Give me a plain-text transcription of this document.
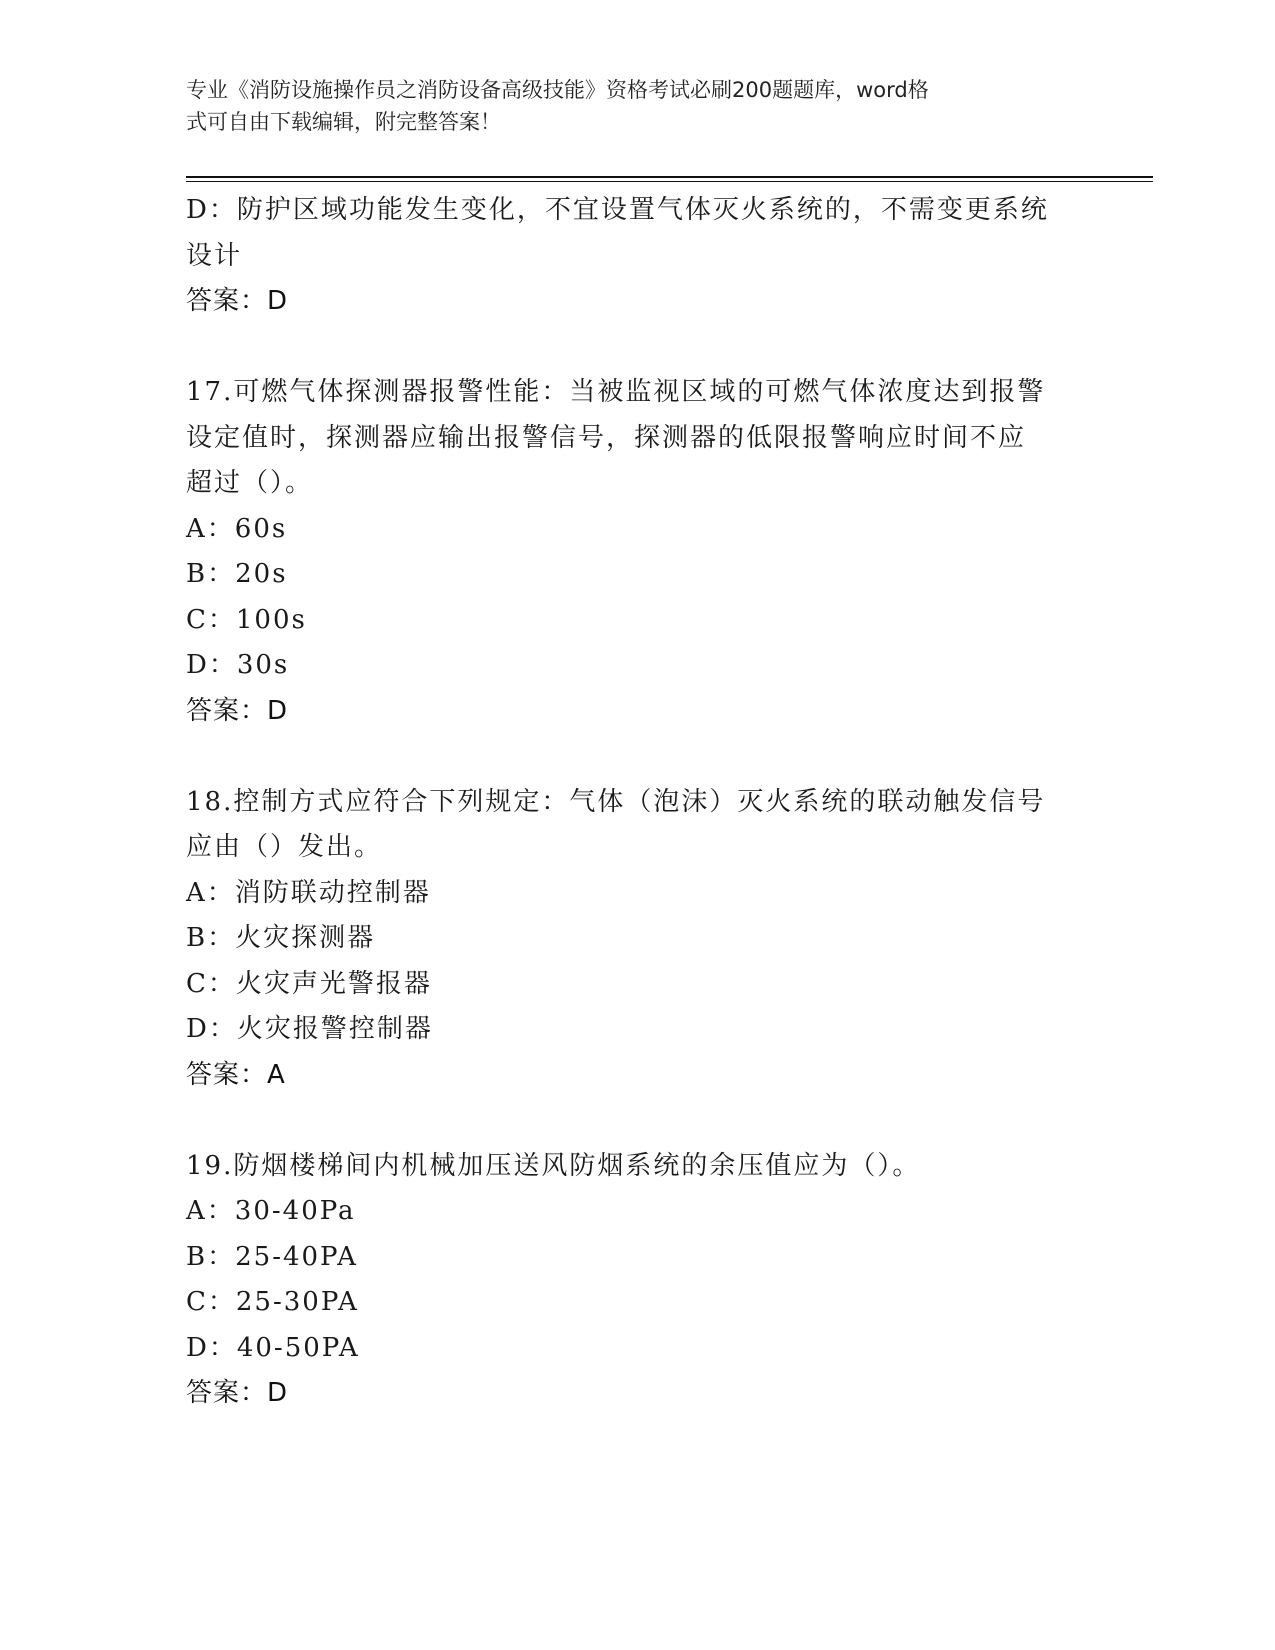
专业《消防设施操作员之消防设备高级技能》资格考试必刷200题题库，word格
式可自由下载编辑，附完整答案！
D：防护区域功能发生变化，不宜设置气体灭火系统的，不需变更系统
设计
答案：D
17.可燃气体探测器报警性能：当被监视区域的可燃气体浓度达到报警
设定值时，探测器应输出报警信号，探测器的低限报警响应时间不应
超过（）。
A：60s
B：20s
C：100s
D：30s
答案：D
18.控制方式应符合下列规定：气体（泡沫）灭火系统的联动触发信号
应由（）发出。
A：消防联动控制器
B：火灾探测器
C：火灾声光警报器
D：火灾报警控制器
答案：A
19.防烟楼梯间内机械加压送风防烟系统的余压值应为（）。
A：30-40Pa
B：25-40PA
C：25-30PA
D：40-50PA
答案：D
